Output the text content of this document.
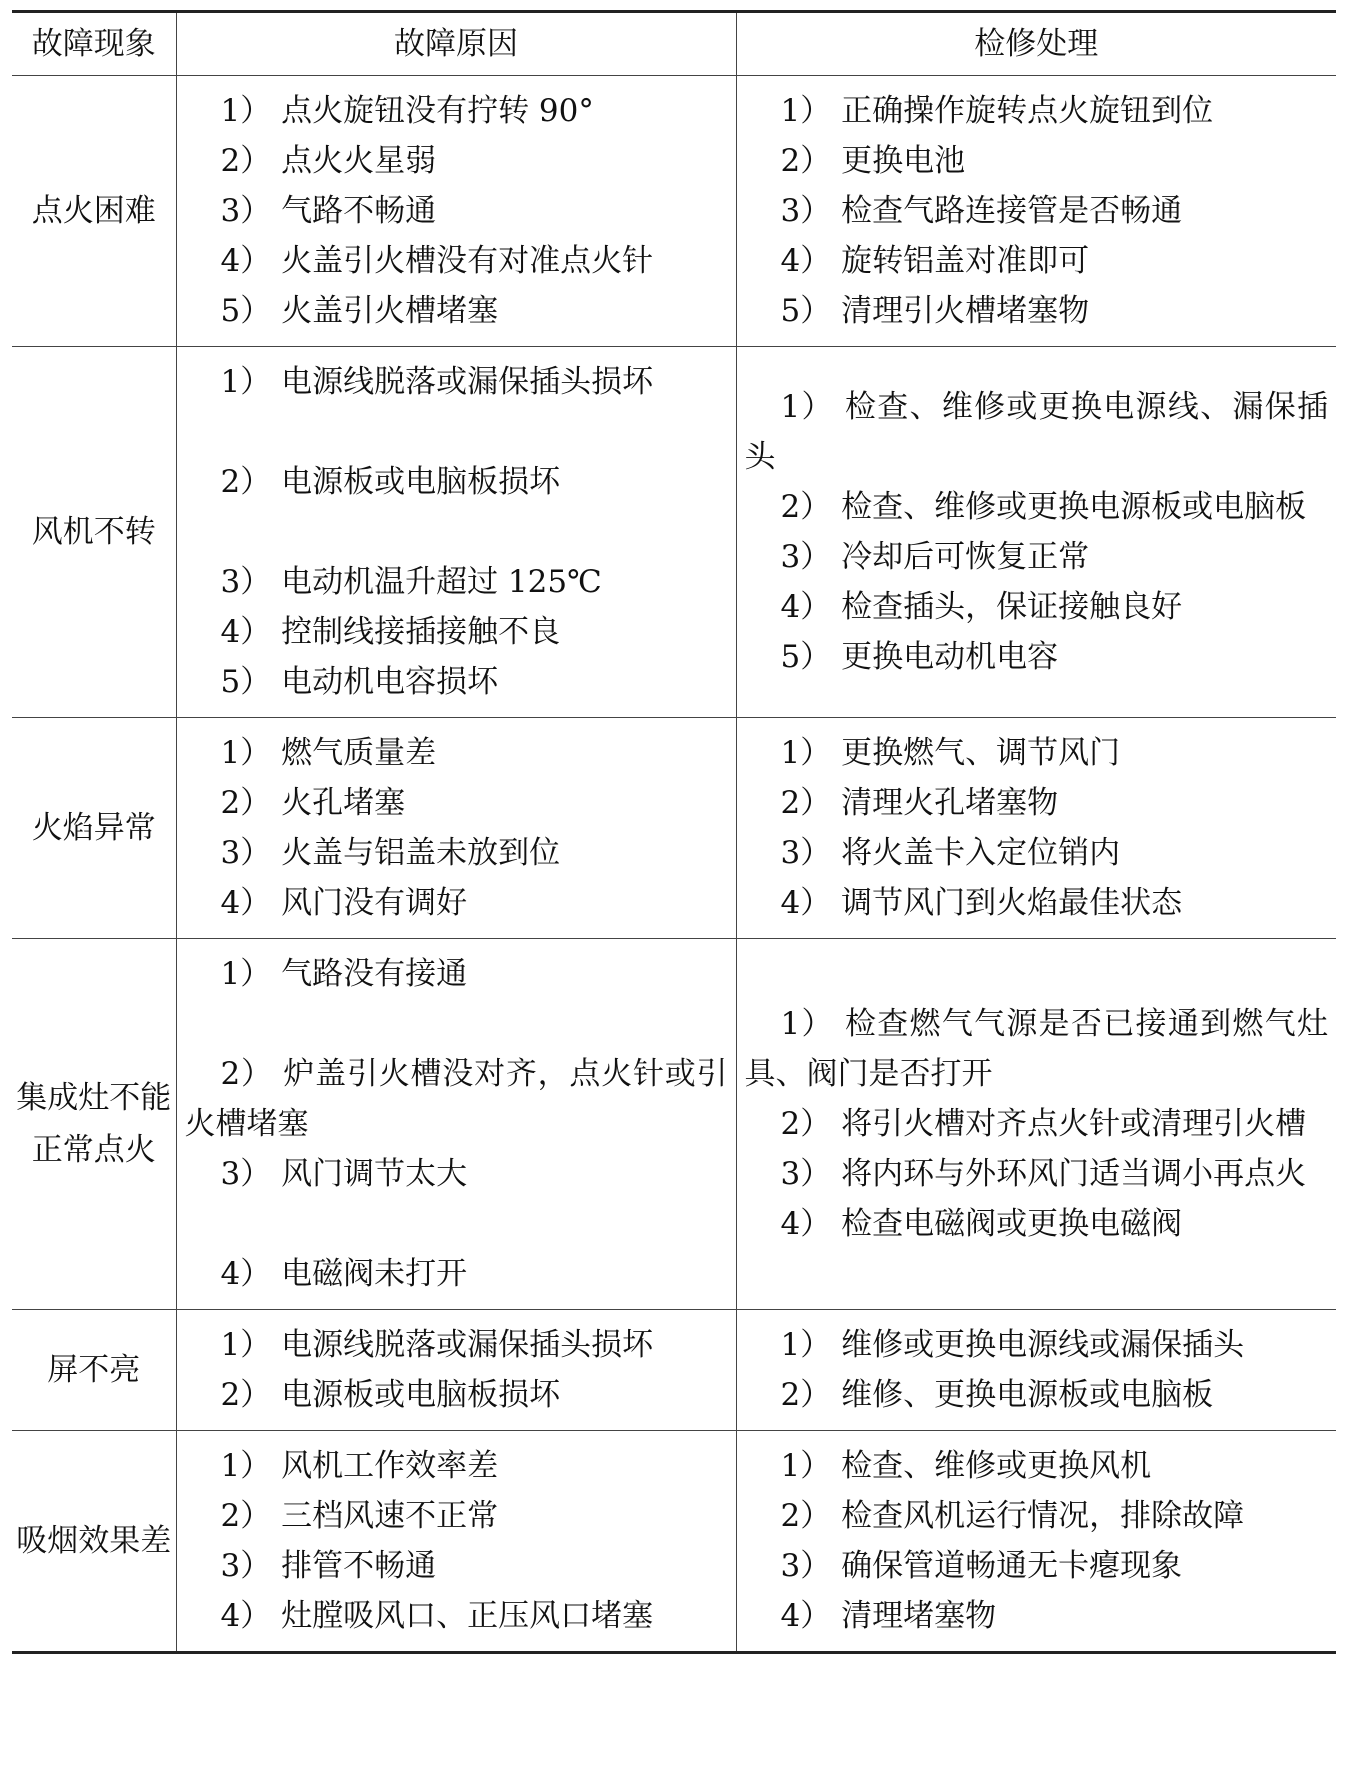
故障现象	故障原因	检修处理
点火困难	1） 点火旋钮没有拧转 90°
2） 点火火星弱
3） 气路不畅通
4） 火盖引火槽没有对准点火针
5） 火盖引火槽堵塞	1） 正确操作旋转点火旋钮到位
2） 更换电池
3） 检查气路连接管是否畅通
4） 旋转铝盖对准即可
5） 清理引火槽堵塞物

风机不转	1） 电源线脱落或漏保插头损坏
2） 电源板或电脑板损坏
3） 电动机温升超过 125℃
4） 控制线接插接触不良
5） 电动机电容损坏	1） 检查、维修或更换电源线、漏保插头
2） 检查、维修或更换电源板或电脑板
3） 冷却后可恢复正常
4） 检查插头，保证接触良好
5） 更换电动机电容

火焰异常	1） 燃气质量差
2） 火孔堵塞
3） 火盖与铝盖未放到位
4） 风门没有调好	1） 更换燃气、调节风门
2） 清理火孔堵塞物
3） 将火盖卡入定位销内
4） 调节风门到火焰最佳状态

集成灶不能正常点火	1） 气路没有接通
2） 炉盖引火槽没对齐，点火针或引火槽堵塞
3） 风门调节太大
4） 电磁阀未打开	1） 检查燃气气源是否已接通到燃气灶具、阀门是否打开
2） 将引火槽对齐点火针或清理引火槽
3） 将内环与外环风门适当调小再点火
4） 检查电磁阀或更换电磁阀

屏不亮	1） 电源线脱落或漏保插头损坏
2） 电源板或电脑板损坏	1） 维修或更换电源线或漏保插头
2） 维修、更换电源板或电脑板

吸烟效果差	1） 风机工作效率差
2） 三档风速不正常
3） 排管不畅通
4） 灶膛吸风口、正压风口堵塞	1） 检查、维修或更换风机
2） 检查风机运行情况，排除故障
3） 确保管道畅通无卡瘪现象
4） 清理堵塞物
